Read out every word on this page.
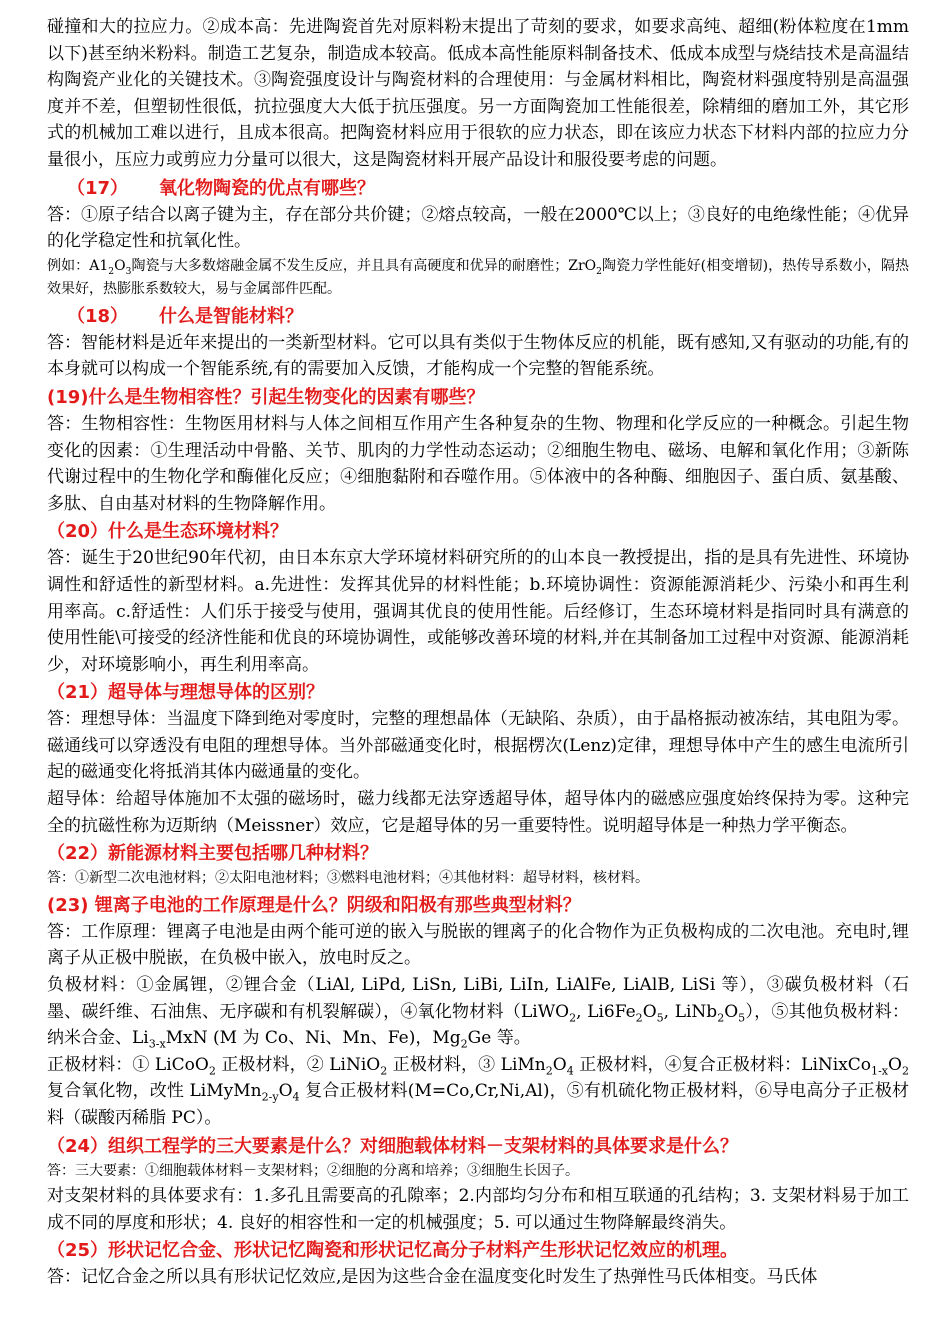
碰撞和大的拉应力。②成本高：先进陶瓷首先对原料粉末提出了苛刻的要求，如要求高纯、超细(粉体粒度在1mm以下)甚至纳米粉料。制造工艺复杂，制造成本较高。低成本高性能原料制备技术、低成本成型与烧结技术是高温结构陶瓷产业化的关键技术。③陶瓷强度设计与陶瓷材料的合理使用：与金属材料相比，陶瓷材料强度特别是高温强度并不差，但塑韧性很低，抗拉强度大大低于抗压强度。另一方面陶瓷加工性能很差，除精细的磨加工外，其它形式的机械加工难以进行，且成本很高。把陶瓷材料应用于很软的应力状态，即在该应力状态下材料内部的拉应力分量很小，压应力或剪应力分量可以很大，这是陶瓷材料开展产品设计和服役要考虑的问题。

（17） 氧化物陶瓷的优点有哪些？

答：①原子结合以离子键为主，存在部分共价键；②熔点较高，一般在2000℃以上；③良好的电绝缘性能；④优异的化学稳定性和抗氧化性。

例如：$A1_2O_3$陶瓷与大多数熔融金属不发生反应，并且具有高硬度和优异的耐磨性；ZrO$_2$陶瓷力学性能好(相变增韧)，热传导系数小，隔热效果好，热膨胀系数较大，易与金属部件匹配。

（18） 什么是智能材料？

答：智能材料是近年来提出的一类新型材料。它可以具有类似于生物体反应的机能，既有感知,又有驱动的功能,有的本身就可以构成一个智能系统,有的需要加入反馈，才能构成一个完整的智能系统。

(19)什么是生物相容性？引起生物变化的因素有哪些？

答：生物相容性：生物医用材料与人体之间相互作用产生各种复杂的生物、物理和化学反应的一种概念。引起生物变化的因素：①生理活动中骨骼、关节、肌肉的力学性动态运动；②细胞生物电、磁场、电解和氧化作用；③新陈代谢过程中的生物化学和酶催化反应；④细胞黏附和吞噬作用。⑤体液中的各种酶、细胞因子、蛋白质、氨基酸、多肽、自由基对材料的生物降解作用。

（20）什么是生态环境材料？

答：诞生于20世纪90年代初，由日本东京大学环境材料研究所的的山本良一教授提出，指的是具有先进性、环境协调性和舒适性的新型材料。a.先进性：发挥其优异的材料性能；b.环境协调性：资源能源消耗少、污染小和再生利用率高。c.舒适性：人们乐于接受与使用，强调其优良的使用性能。后经修订，生态环境材料是指同时具有满意的使用性能\可接受的经济性能和优良的环境协调性，或能够改善环境的材料,并在其制备加工过程中对资源、能源消耗少，对环境影响小，再生利用率高。

（21）超导体与理想导体的区别？

答：理想导体：当温度下降到绝对零度时，完整的理想晶体（无缺陷、杂质），由于晶格振动被冻结，其电阻为零。磁通线可以穿透没有电阻的理想导体。当外部磁通变化时，根据楞次(Lenz)定律，理想导体中产生的感生电流所引起的磁通变化将抵消其体内磁通量的变化。

超导体：给超导体施加不太强的磁场时，磁力线都无法穿透超导体，超导体内的磁感应强度始终保持为零。这种完全的抗磁性称为迈斯纳（Meissner）效应，它是超导体的另一重要特性。说明超导体是一种热力学平衡态。

（22）新能源材料主要包括哪几种材料？

答：①新型二次电池材料；②太阳电池材料；③燃料电池材料；④其他材料：超导材料，核材料。

(23) 锂离子电池的工作原理是什么？阴级和阳极有那些典型材料？

答：工作原理：锂离子电池是由两个能可逆的嵌入与脱嵌的锂离子的化合物作为正负极构成的二次电池。充电时,锂离子从正极中脱嵌，在负极中嵌入，放电时反之。

负极材料：①金属锂，②锂合金（LiAl, LiPd, LiSn, LiBi, LiIn, LiAlFe, LiAlB, LiSi 等），③碳负极材料（石墨、碳纤维、石油焦、无序碳和有机裂解碳），④氧化物材料（LiWO$_2$, $Li6Fe_2O_5$, $LiNb_2O_5$），⑤其他负极材料：纳米合金、$Li_{3-x}MxN$ (M 为 Co、Ni、Mn、Fe)，$Mg_2Ge$ 等。

正极材料：① LiCoO$_2$ 正极材料，② LiNiO$_2$ 正极材料，③ $LiMn_2O_4$ 正极材料，④复合正极材料：$LiNixCo_{1-x}O_2$ 复合氧化物，改性 $LiMyMn_{2-y}O_4$ 复合正极材料(M=Co,Cr,Ni,Al)，⑤有机硫化物正极材料，⑥导电高分子正极材料（碳酸丙稀脂 PC）。

（24）组织工程学的三大要素是什么？对细胞载体材料－支架材料的具体要求是什么？

答：三大要素：①细胞载体材料－支架材料；②细胞的分离和培养；③细胞生长因子。

对支架材料的具体要求有：1.多孔且需要高的孔隙率；2.内部均匀分布和相互联通的孔结构；3. 支架材料易于加工成不同的厚度和形状；4. 良好的相容性和一定的机械强度；5. 可以通过生物降解最终消失。

（25）形状记忆合金、形状记忆陶瓷和形状记忆高分子材料产生形状记忆效应的机理。

答：记忆合金之所以具有形状记忆效应,是因为这些合金在温度变化时发生了热弹性马氏体相变。马氏体
